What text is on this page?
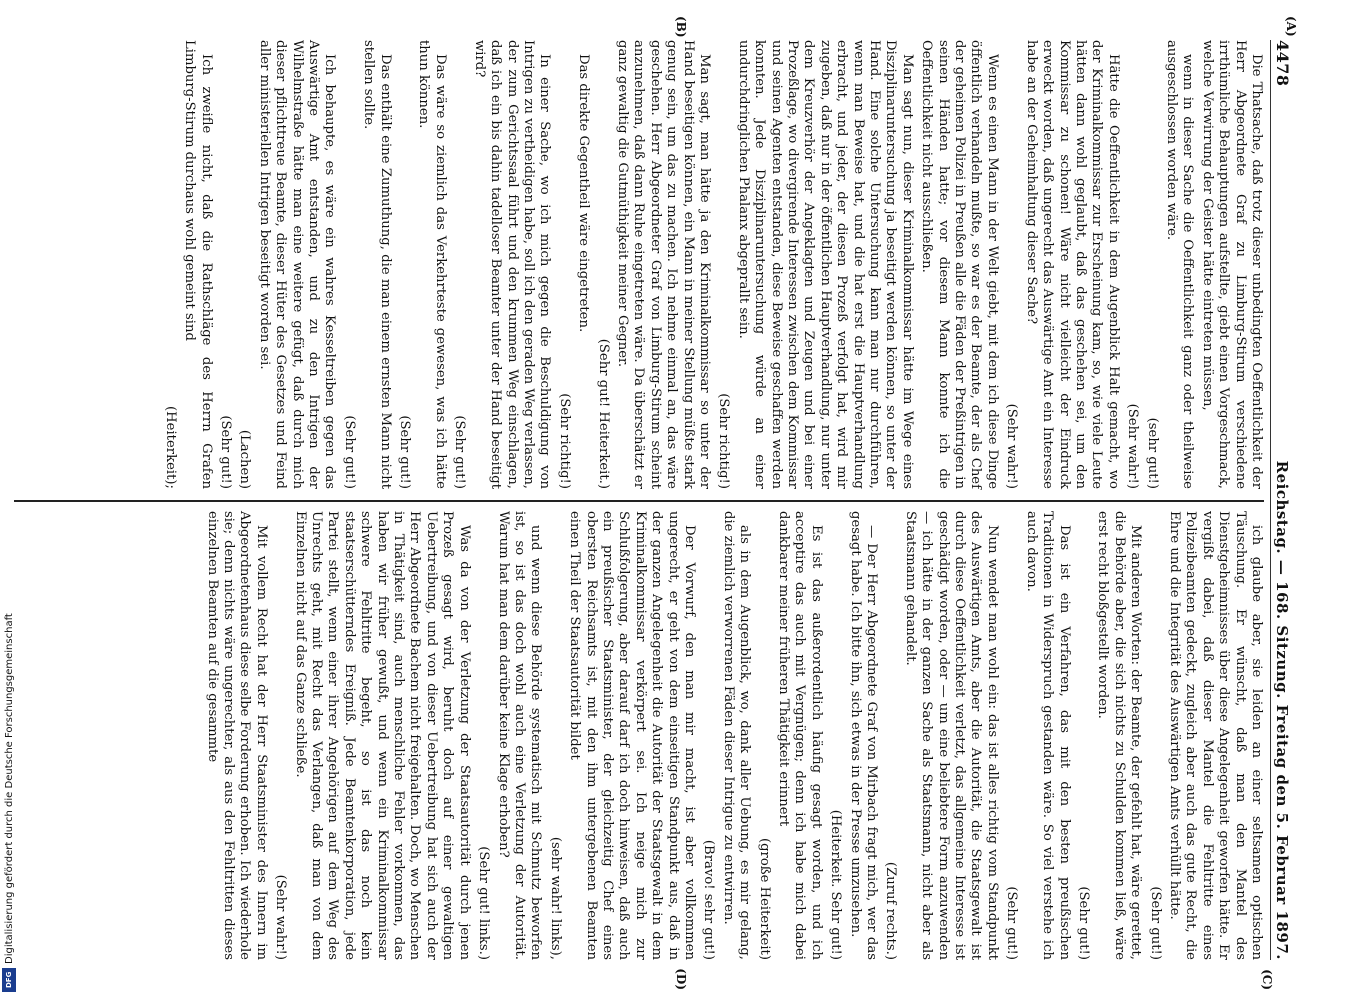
4478
Reichstag. — 168. Sitzung. Freitag den 5. Februar 1897.

Die Thatsache, daß trotz dieser unbedingten Oeffentlichkeit der Herr Abgeordnete Graf zu Limburg-Stirum verschiedene irrthümliche Behauptungen aufstellte, giebt einen Vorgeschmack, welche Verwirrung der Geister hätte eintreten müssen,

wenn in dieser Sache die Oeffentlichkeit ganz oder theilweise ausgeschlossen worden wäre.

(sehr gut!)

(Sehr wahr!)

Hätte die Oeffentlichkeit in dem Augenblick Halt gemacht, wo der Kriminalkommissar zur Erscheinung kam, so, wie viele Leute hätten dann wohl geglaubt, daß das geschehen sei, um den Kommissar zu schonen! Wäre nicht vielleicht der Eindruck erweckt worden, daß ungerecht das Auswärtige Amt ein Interesse habe an der Geheimhaltung dieser Sache?

(Sehr wahr!)

Wenn es einen Mann in der Welt giebt, mit dem ich diese Dinge öffentlich verhandeln mußte, so war es der Beamte, der als Chef der geheimen Polizei in Preußen alle die Fäden der Preßintrigen in seinen Händen hatte; vor diesem Mann konnte ich die Oeffentlichkeit nicht ausschließen.

Man sagt nun, dieser Kriminalkommissar hätte im Wege eines Disziplinaruntersuchung ja beseitigt werden können, so unter der Hand. Eine solche Untersuchung kann man nur durchführen, wenn man Beweise hat, und die hat erst die Hauptverhandlung erbracht, und jeder, der diesen Prozeß verfolgt hat, wird mir zugeben, daß nur in der öffentlichen Hauptverhandlung, nur unter dem Kreuzverhör der Angeklagten und Zeugen und bei einer Prozeßlage, wo divergirende Interessen zwischen dem Kommissar und seinen Agenten entstanden, diese Beweise geschaffen werden konnten. Jede Disziplinaruntersuchung würde an einer undurchdringlichen Phalanx abgeprallt sein.

(Sehr richtig!)

Man sagt, man hätte ja den Kriminalkommissar so unter der Hand beseitigen können, ein Mann in meiner Stellung müßte stark genug sein, um das zu machen. Ich nehme einmal an, das wäre geschehen. Herr Abgeordneter Graf von Limburg-Stirum scheint anzunehmen, daß dann Ruhe eingetreten wäre. Da überschätzt er ganz gewaltig die Gutmüthigkeit meiner Gegner.

(Sehr gut! Heiterkeit.)

Das direkte Gegentheil wäre eingetreten.

(Sehr richtig!)

In einer Sache, wo ich mich gegen die Beschuldigung von Intrigen zu vertheidigen habe, soll ich den geraden Weg verlassen, der zum Gerichtssaal führt und den krummen Weg einschlagen, daß ich ein bis dahin tadelloser Beamter unter der Hand beseitigt wird?

(Sehr gut!)

Das wäre so ziemlich das Verkehrteste gewesen, was ich hätte thun können.

(Sehr gut!)

Das enthält eine Zumuthung, die man einem ernsten Mann nicht stellen sollte.

(Sehr gut!)

Ich behaupte, es wäre ein wahres Kesseltreiben gegen das Auswärtige Amt entstanden, und zu den Intrigen der Wilhelmstraße hätte man eine weitere gefügt, daß durch mich dieser pflichttreue Beamte, dieser Hüter des Gesetzes und Feind aller ministeriellen Intrigen beseitigt worden sei.

(Lachen)

(Sehr gut!)

Ich zweifle nicht, daß die Rathschläge des Herrn Grafen Limburg-Stirum durchaus wohl gemeint sind

(Heiterkeit);

ich glaube aber, sie leiden an einer seltsamen optischen Täuschung. Er wünscht, daß man den Mantel des Dienstgeheimnisses über diese Angelegenheit geworfen hätte. Er vergißt dabei, daß dieser Mantel die Fehltritte eines Polizeibeamten gedeckt, zugleich aber auch das gute Recht, die Ehre und die Integrität des Auswärtigen Amts verhüllt hätte.

(Sehr gut!)

Mit anderen Worten: der Beamte, der gefehlt hat, wäre gerettet, die Behörde aber, die sich nichts zu Schulden kommen ließ, wäre erst recht bloßgestellt worden.

(Sehr gut!)

Das ist ein Verfahren, das mit den besten preußischen Traditionen in Widerspruch gestanden wäre. So viel verstehe ich auch davon.

(Sehr gut!)

Nun wendet man wohl ein: das ist alles richtig vom Standpunkt des Auswärtigen Amts, aber die Autorität, die Staatsgewalt ist durch diese Oeffentlichkeit verletzt, das allgemeine Interesse ist geschädigt worden, oder — um eine beliebtere Form anzuwenden — ich hätte in der ganzen Sache als Staatsmann, nicht aber als Staatsmann gehandelt.

(Zuruf rechts.)

— Der Herr Abgeordnete Graf von Mirbach fragt mich, wer das gesagt habe. Ich bitte ihn, sich etwas in der Presse umzusehen.

(Heiterkeit. Sehr gut!)

Es ist das außerordentlich häufig gesagt worden, und ich acceptire das auch mit Vergnügen; denn ich habe mich dabei dankbarer meiner früheren Thätigkeit erinnert

(große Heiterkeit)

als in dem Augenblick, wo, dank aller Uebung, es mir gelang, die ziemlich verworrenen Fäden dieser Intrigue zu entwirren.

(Bravo! sehr gut!)

Der Vorwurf, den man mir macht, ist aber vollkommen ungerecht, er geht von dem einseitigen Standpunkt aus, daß in der ganzen Angelegenheit die Autorität der Staatsgewalt in dem Kriminalkommissar verkörpert sei. Ich neige mich zur Schlußfolgerung, aber darauf darf ich doch hinweisen, daß auch ein preußischer Staatsminister, der gleichzeitig Chef eines obersten Reichsamts ist, mit den ihm untergebenen Beamten einen Theil der Staatsautorität bildet

(sehr wahr! links),

und wenn diese Behörde systematisch mit Schmutz beworfen ist, so ist das doch wohl auch eine Verletzung der Autorität. Warum hat man dem darüber keine Klage erhoben?

(Sehr gut! links.)

Was da von der Verletzung der Staatsautorität durch jenen Prozeß gesagt wird, beruht doch auf einer gewaltigen Uebertreibung, und von dieser Uebertreibung hat sich auch der Herr Abgeordnete Bachem nicht freigehalten. Doch, wo Menschen in Thätigkeit sind, auch menschliche Fehler vorkommen, das haben wir früher gewußt, und wenn ein Kriminalkommissar schwere Fehltritte begeht, so ist das noch kein staatserschütterndes Ereigniß. Jede Beamtenkorporation, jede Partei stellt, wenn einer ihrer Angehörigen auf dem Weg des Unrechts geht, mit Recht das Verlangen, daß man von dem Einzelnen nicht auf das Ganze schließe.

(Sehr wahr!)

Mit vollem Recht hat der Herr Staatsminister des Innern im Abgeordnetenhaus diese selbe Forderung erhoben. Ich wiederhole sie; denn nichts wäre ungerechter, als aus den Fehltritten dieses einzelnen Beamten auf die gesammte

(A)
(B)
(C)
(D)
Digitalisierung gefördert durch die Deutsche Forschungsgemeinschaft
DFG
